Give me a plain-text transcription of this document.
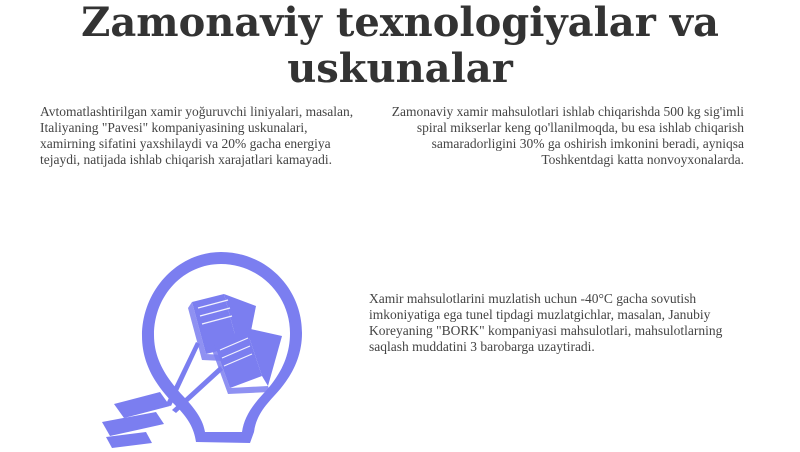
Zamonaviy texnologiyalar va uskunalar

Avtomatlashtirilgan xamir yoğuruvchi liniyalari, masalan, Italiyaning "Pavesi" kompaniyasining uskunalari, xamirning sifatini yaxshilaydi va 20% gacha energiya tejaydi, natijada ishlab chiqarish xarajatlari kamayadi.

Zamonaviy xamir mahsulotlari ishlab chiqarishda 500 kg sig'imli spiral mikserlar keng qo'llanilmoqda, bu esa ishlab chiqarish samaradorligini 30% ga oshirish imkonini beradi, ayniqsa Toshkentdagi katta nonvoyxonalarda.

Xamir mahsulotlarini muzlatish uchun -40°C gacha sovutish imkoniyatiga ega tunel tipdagi muzlatgichlar, masalan, Janubiy Koreyaning "BORK" kompaniyasi mahsulotlari, mahsulotlarning saqlash muddatini 3 barobarga uzaytiradi.
